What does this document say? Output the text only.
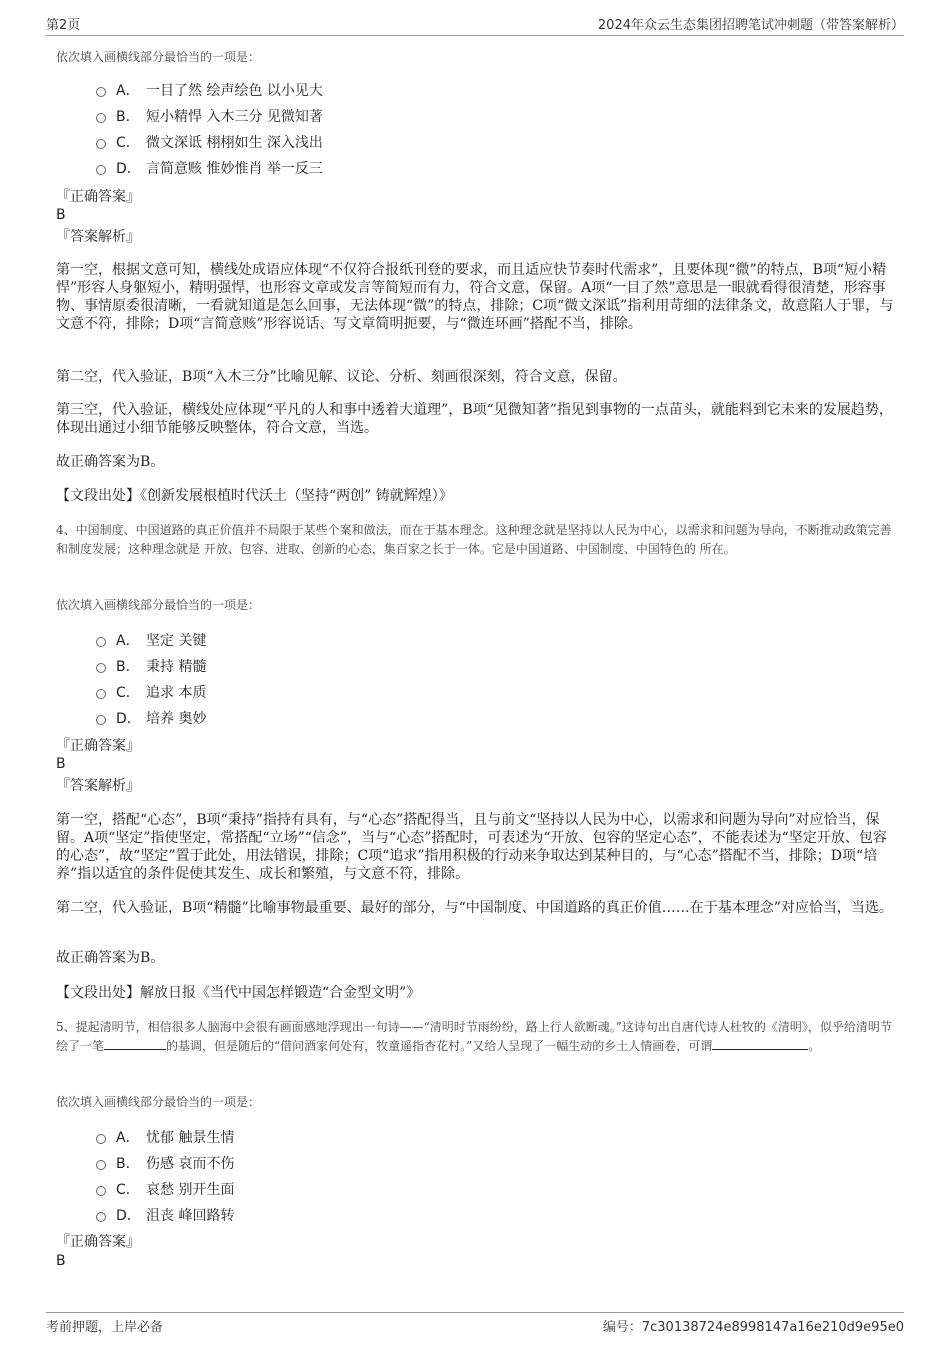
第2页	2024年众云生态集团招聘笔试冲刺题（带答案解析）
依次填入画横线部分最恰当的一项是：
A． 一目了然 绘声绘色 以小见大
B． 短小精悍 入木三分 见微知著
C． 微文深诋 栩栩如生 深入浅出
D． 言简意赅 惟妙惟肖 举一反三
『正确答案』
B
『答案解析』
第一空，根据文意可知，横线处成语应体现“不仅符合报纸刊登的要求，而且适应快节奏时代需求”，且要体现“微”的特点，B项“短小精悍”形容人身躯短小，精明强悍，也形容文章或发言等简短而有力，符合文意，保留。A项“一目了然”意思是一眼就看得很清楚，形容事物、事情原委很清晰，一看就知道是怎么回事，无法体现“微”的特点，排除；C项“微文深诋”指利用苛细的法律条文，故意陷人于罪，与文意不符，排除；D项“言简意赅”形容说话、写文章简明扼要，与“微连环画”搭配不当，排除。
第二空，代入验证，B项“入木三分”比喻见解、议论、分析、刻画很深刻，符合文意，保留。
第三空，代入验证，横线处应体现“平凡的人和事中透着大道理”，B项“见微知著”指见到事物的一点苗头，就能料到它未来的发展趋势，体现出通过小细节能够反映整体，符合文意，当选。
故正确答案为B。
【文段出处】《创新发展根植时代沃土（坚持“两创” 铸就辉煌）》
4、中国制度、中国道路的真正价值并不局限于某些个案和做法，而在于基本理念。这种理念就是坚持以人民为中心，以需求和问题为导向，不断推动政策完善和制度发展；这种理念就是 开放、包容、进取、创新的心态，集百家之长于一体。它是中国道路、中国制度、中国特色的 所在。
依次填入画横线部分最恰当的一项是：
A． 坚定 关键
B． 秉持 精髓
C． 追求 本质
D． 培养 奥妙
『正确答案』
B
『答案解析』
第一空，搭配“心态”，B项“秉持”指持有具有，与“心态”搭配得当，且与前文“坚持以人民为中心，以需求和问题为导向”对应恰当，保留。A项“坚定”指使坚定，常搭配“立场”“信念”，当与“心态”搭配时，可表述为“开放、包容的坚定心态”，不能表述为“坚定开放、包容的心态”，故“坚定”置于此处，用法错误，排除；C项“追求”指用积极的行动来争取达到某种目的，与“心态”搭配不当，排除；D项“培养”指以适宜的条件促使其发生、成长和繁殖，与文意不符，排除。
第二空，代入验证，B项“精髓”比喻事物最重要、最好的部分，与“中国制度、中国道路的真正价值……在于基本理念”对应恰当，当选。
故正确答案为B。
【文段出处】解放日报《当代中国怎样锻造“合金型文明”》
5、提起清明节，相信很多人脑海中会很有画面感地浮现出一句诗——“清明时节雨纷纷，路上行人欲断魂。”这诗句出自唐代诗人杜牧的《清明》，似乎给清明节绘了一笔	的基调，但是随后的“借问酒家何处有，牧童遥指杏花村。”又给人呈现了一幅生动的乡土人情画卷，可谓	。
依次填入画横线部分最恰当的一项是：
A． 忧郁 触景生情
B． 伤感 哀而不伤
C． 哀愁 别开生面
D． 沮丧 峰回路转
『正确答案』
B
考前押题，上岸必备	编号：7c30138724e8998147a16e210d9e95e0
